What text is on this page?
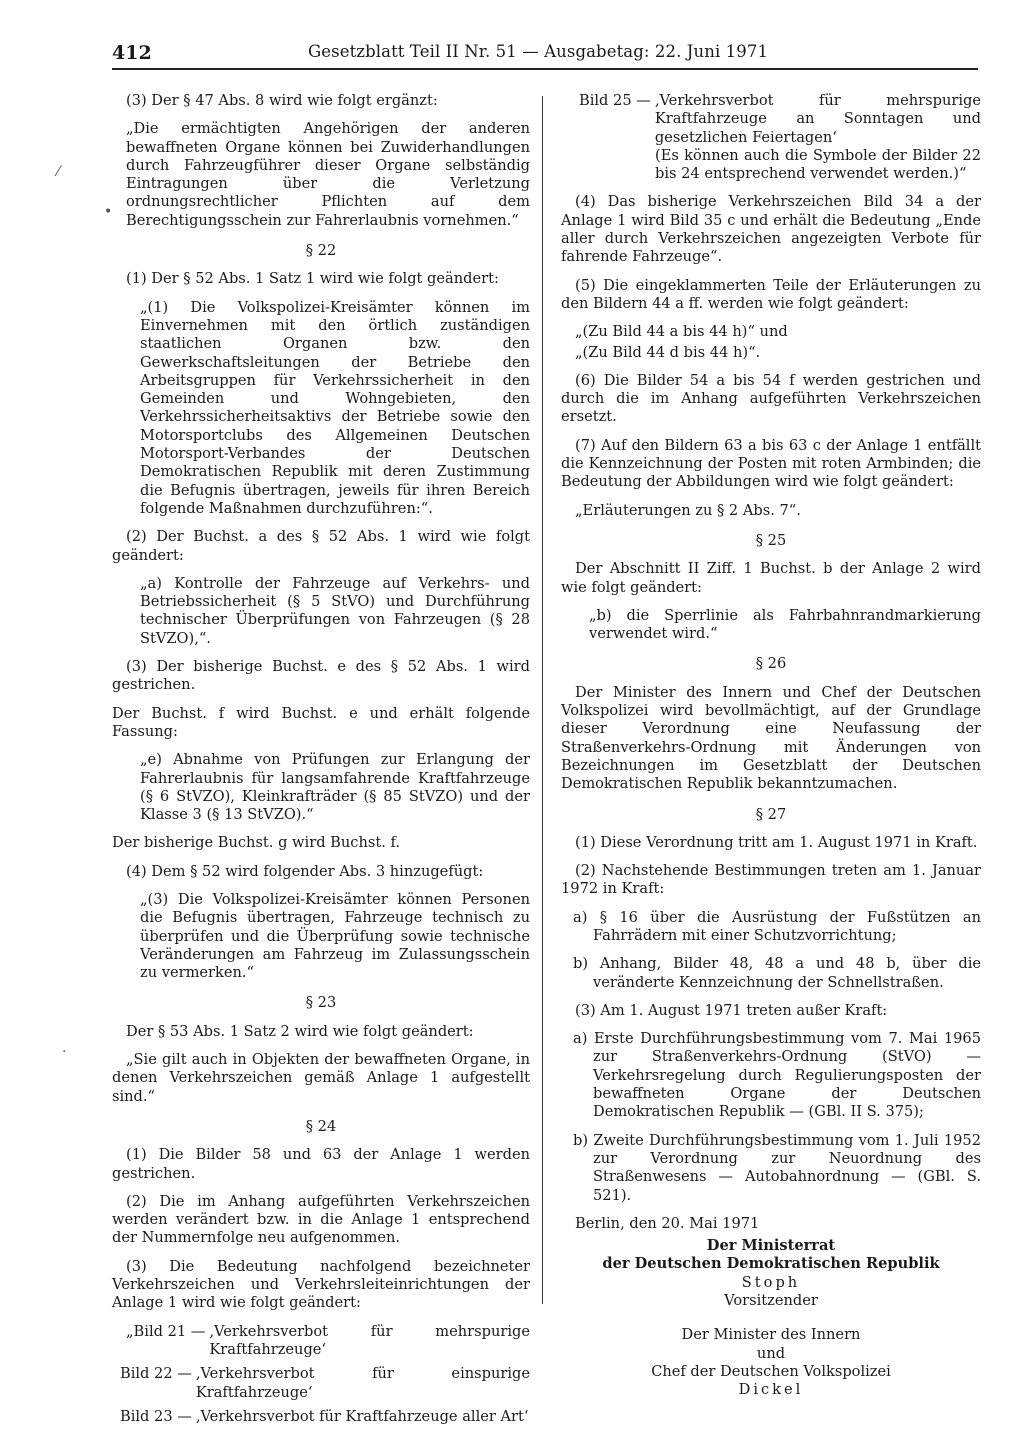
412	Gesetzblatt Teil II Nr. 51 — Ausgabetag: 22. Juni 1971
⁄
•
·

(3) Der § 47 Abs. 8 wird wie folgt ergänzt:

„Die ermächtigten Angehörigen der anderen bewaffneten Organe können bei Zuwiderhandlungen durch Fahrzeugführer dieser Organe selbständig Eintragungen über die Verletzung ordnungsrechtlicher Pflichten auf dem Berechtigungsschein zur Fahrerlaubnis vornehmen.“

§ 22

(1) Der § 52 Abs. 1 Satz 1 wird wie folgt geändert:

„(1) Die Volkspolizei-Kreisämter können im Einvernehmen mit den örtlich zuständigen staatlichen Organen bzw. den Gewerkschaftsleitungen der Betriebe den Arbeitsgruppen für Verkehrssicherheit in den Gemeinden und Wohngebieten, den Verkehrssicherheitsaktivs der Betriebe sowie den Motorsportclubs des Allgemeinen Deutschen Motorsport-Verbandes der Deutschen Demokratischen Republik mit deren Zustimmung die Befugnis übertragen, jeweils für ihren Bereich folgende Maßnahmen durchzuführen:“.

(2) Der Buchst. a des § 52 Abs. 1 wird wie folgt geändert:

„a) Kontrolle der Fahrzeuge auf Verkehrs- und Betriebssicherheit (§ 5 StVO) und Durchführung technischer Überprüfungen von Fahrzeugen (§ 28 StVZO),“.

(3) Der bisherige Buchst. e des § 52 Abs. 1 wird gestrichen.

Der Buchst. f wird Buchst. e und erhält folgende Fassung:

„e) Abnahme von Prüfungen zur Erlangung der Fahrerlaubnis für langsamfahrende Kraftfahrzeuge (§ 6 StVZO), Kleinkrafträder (§ 85 StVZO) und der Klasse 3 (§ 13 StVZO).“

Der bisherige Buchst. g wird Buchst. f.

(4) Dem § 52 wird folgender Abs. 3 hinzugefügt:

„(3) Die Volkspolizei-Kreisämter können Personen die Befugnis übertragen, Fahrzeuge technisch zu überprüfen und die Überprüfung sowie technische Veränderungen am Fahrzeug im Zulassungsschein zu vermerken.“

§ 23

Der § 53 Abs. 1 Satz 2 wird wie folgt geändert:

„Sie gilt auch in Objekten der bewaffneten Organe, in denen Verkehrszeichen gemäß Anlage 1 aufgestellt sind.“

§ 24

(1) Die Bilder 58 und 63 der Anlage 1 werden gestrichen.

(2) Die im Anhang aufgeführten Verkehrszeichen werden verändert bzw. in die Anlage 1 entsprechend der Nummernfolge neu aufgenommen.

(3) Die Bedeutung nachfolgend bezeichneter Verkehrszeichen und Verkehrsleiteinrichtungen der Anlage 1 wird wie folgt geändert:

„Bild 21 — ‚Verkehrsverbot für mehrspurige Kraftfahrzeuge‘
Bild 22 — ‚Verkehrsverbot für einspurige Kraftfahrzeuge‘
Bild 23 — ‚Verkehrsverbot für Kraftfahrzeuge aller Art‘
Bild 25 — ‚Verkehrsverbot für mehrspurige Kraftfahrzeuge an Sonntagen und gesetzlichen Feiertagen‘

(Es können auch die Symbole der Bilder 22 bis 24 entsprechend verwendet werden.)“

(4) Das bisherige Verkehrszeichen Bild 34 a der Anlage 1 wird Bild 35 c und erhält die Bedeutung „Ende aller durch Verkehrszeichen angezeigten Verbote für fahrende Fahrzeuge“.

(5) Die eingeklammerten Teile der Erläuterungen zu den Bildern 44 a ff. werden wie folgt geändert:

„(Zu Bild 44 a bis 44 h)“ und

„(Zu Bild 44 d bis 44 h)“.

(6) Die Bilder 54 a bis 54 f werden gestrichen und durch die im Anhang aufgeführten Verkehrszeichen ersetzt.

(7) Auf den Bildern 63 a bis 63 c der Anlage 1 entfällt die Kennzeichnung der Posten mit roten Armbinden; die Bedeutung der Abbildungen wird wie folgt geändert:

„Erläuterungen zu § 2 Abs. 7“.

§ 25

Der Abschnitt II Ziff. 1 Buchst. b der Anlage 2 wird wie folgt geändert:

„b) die Sperrlinie als Fahrbahnrandmarkierung verwendet wird.“

§ 26

Der Minister des Innern und Chef der Deutschen Volkspolizei wird bevollmächtigt, auf der Grundlage dieser Verordnung eine Neufassung der Straßenverkehrs-Ordnung mit Änderungen von Bezeichnungen im Gesetzblatt der Deutschen Demokratischen Republik bekanntzumachen.

§ 27

(1) Diese Verordnung tritt am 1. August 1971 in Kraft.

(2) Nachstehende Bestimmungen treten am 1. Januar 1972 in Kraft:

a) § 16 über die Ausrüstung der Fußstützen an Fahrrädern mit einer Schutzvorrichtung;

b) Anhang, Bilder 48, 48 a und 48 b, über die veränderte Kennzeichnung der Schnellstraßen.

(3) Am 1. August 1971 treten außer Kraft:

a) Erste Durchführungsbestimmung vom 7. Mai 1965 zur Straßenverkehrs-Ordnung (StVO) — Verkehrsregelung durch Regulierungsposten der bewaffneten Organe der Deutschen Demokratischen Republik — (GBl. II S. 375);

b) Zweite Durchführungsbestimmung vom 1. Juli 1952 zur Verordnung zur Neuordnung des Straßenwesens — Autobahnordnung — (GBl. S. 521).

Berlin, den 20. Mai 1971

Der Ministerrat

der Deutschen Demokratischen Republik

Stoph

Vorsitzender

Der Minister des Innern

und

Chef der Deutschen Volkspolizei

Dickel
